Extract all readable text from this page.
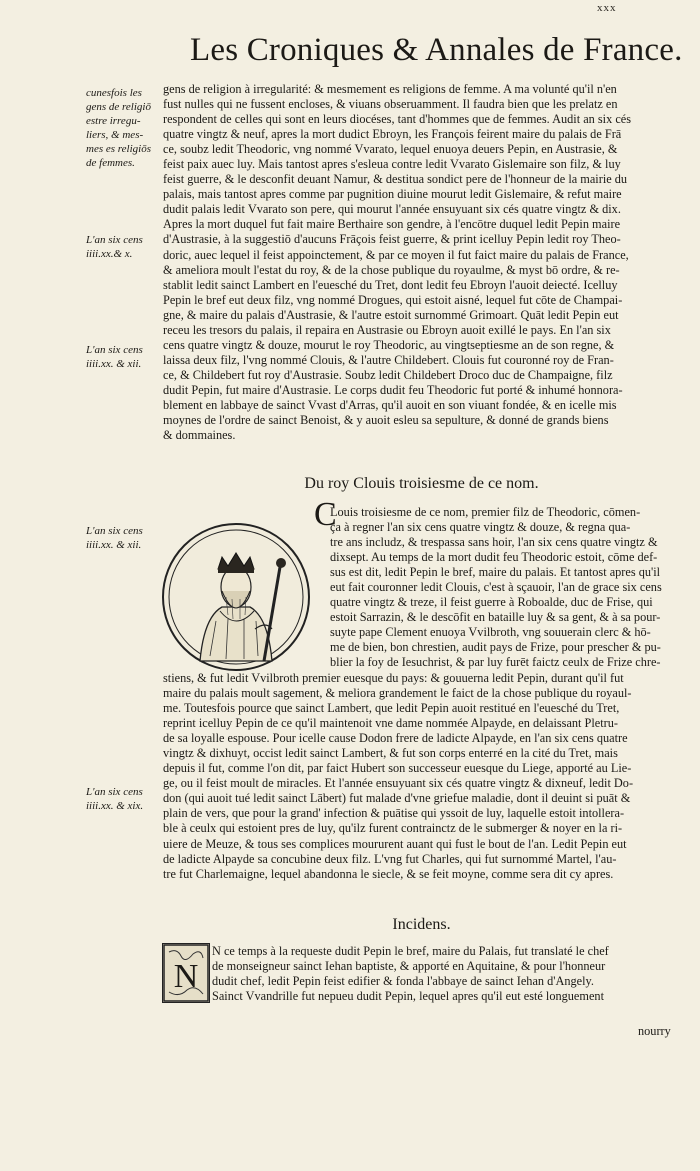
xxx
Les Croniques & Annales de France.
cunesfois les
gens de religiō
estre irregu-
liers, & mes-
mes es religiōs
de femmes.
L'an six cens
iiii.xx.& x.
L'an six cens
iiii.xx. & xii.
L'an six cens
iiii.xx. & xii.
L'an six cens
iiii.xx. & xix.
gens de religion à irregularité: & mesmement es religions de femme. A ma volunté qu'il n'en
fust nulles qui ne fussent encloses, & viuans obseruamment. Il faudra bien que les prelatz en
respondent de celles qui sont en leurs diocéses, tant d'hommes que de femmes. Audit an six cés
quatre vingtz & neuf, apres la mort dudict Ebroyn, les François feirent maire du palais de Frā
ce, soubz ledit Theodoric, vng nommé Vvarato, lequel enuoya deuers Pepin, en Austrasie, &
feist paix auec luy. Mais tantost apres s'esleua contre ledit Vvarato Gislemaire son filz, & luy
feist guerre, & le desconfit deuant Namur, & destitua sondict pere de l'honneur de la mairie du
palais, mais tantost apres comme par pugnition diuine mourut ledit Gislemaire, & refut maire
dudit palais ledit Vvarato son pere, qui mourut l'année ensuyuant six cés quatre vingtz & dix.
Apres la mort duquel fut fait maire Berthaire son gendre, à l'encōtre duquel ledit Pepin maire
d'Austrasie, à la suggestiō d'aucuns Frāçois feist guerre, & print icelluy Pepin ledit roy Theo-
doric, auec lequel il feist appoinctement, & par ce moyen il fut faict maire du palais de France,
& ameliora moult l'estat du roy, & de la chose publique du royaulme, & myst bō ordre, & re-
stablit ledit sainct Lambert en l'euesché du Tret, dont ledit feu Ebroyn l'auoit deiecté. Icelluy
Pepin le bref eut deux filz, vng nommé Drogues, qui estoit aisné, lequel fut cōte de Champai-
gne, & maire du palais d'Austrasie, & l'autre estoit surnommé Grimoart. Quāt ledit Pepin eut
receu les tresors du palais, il repaira en Austrasie ou Ebroyn auoit exillé le pays. En l'an six
cens quatre vingtz & douze, mourut le roy Theodoric, au vingtseptiesme an de son regne, &
laissa deux filz, l'vng nommé Clouis, & l'autre Childebert. Clouis fut couronné roy de Fran-
ce, & Childebert fut roy d'Austrasie. Soubz ledit Childebert Droco duc de Champaigne, filz
dudit Pepin, fut maire d'Austrasie. Le corps dudit feu Theodoric fut porté & inhumé honnora-
blement en labbaye de sainct Vvast d'Arras, qu'il auoit en son viuant fondée, & en icelle mis
moynes de l'ordre de sainct Benoist, & y auoit esleu sa sepulture, & donné de grands biens
& dommaines.
Du roy Clouis troisiesme de ce nom.
C
Louis troisiesme de ce nom, premier filz de Theodoric, cōmen-
ça à regner l'an six cens quatre vingtz & douze, & regna qua-
tre ans includz, & trespassa sans hoir, l'an six cens quatre vingtz &
dixsept. Au temps de la mort dudit feu Theodoric estoit, cōme def-
sus est dit, ledit Pepin le bref, maire du palais. Et tantost apres qu'il
eut fait couronner ledit Clouis, c'est à sçauoir, l'an de grace six cens
quatre vingtz & treze, il feist guerre à Roboalde, duc de Frise, qui
estoit Sarrazin, & le descōfit en bataille luy & sa gent, & à sa pour-
suyte pape Clement enuoya Vvilbroth, vng souuerain clerc & hō-
me de bien, bon chrestien, audit pays de Frize, pour prescher & pu-
blier la foy de Iesuchrist, & par luy furēt faictz ceulx de Frize chre-
stiens, & fut ledit Vvilbroth premier euesque du pays: & gouuerna ledit Pepin, durant qu'il fut
maire du palais moult sagement, & meliora grandement le faict de la chose publique du royaul-
me. Toutesfois pource que sainct Lambert, que ledit Pepin auoit restitué en l'euesché du Tret,
reprint icelluy Pepin de ce qu'il maintenoit vne dame nommée Alpayde, en delaissant Pletru-
de sa loyalle espouse. Pour icelle cause Dodon frere de ladicte Alpayde, en l'an six cens quatre
vingtz & dixhuyt, occist ledit sainct Lambert, & fut son corps enterré en la cité du Tret, mais
depuis il fut, comme l'on dit, par faict Hubert son successeur euesque du Liege, apporté au Lie-
ge, ou il feist moult de miracles. Et l'année ensuyuant six cés quatre vingtz & dixneuf, ledit Do-
don (qui auoit tué ledit sainct Lābert) fut malade d'vne griefue maladie, dont il deuint si puāt &
plain de vers, que pour la grand' infection & puātise qui yssoit de luy, laquelle estoit intollera-
ble à ceulx qui estoient pres de luy, qu'ilz furent contrainctz de le submerger & noyer en la ri-
uiere de Meuze, & tous ses complices moururent auant qui fust le bout de l'an. Ledit Pepin eut
de ladicte Alpayde sa concubine deux filz. L'vng fut Charles, qui fut surnommé Martel, l'au-
tre fut Charlemaigne, lequel abandonna le siecle, & se feit moyne, comme sera dit cy apres.
Incidens.
N
N ce temps à la requeste dudit Pepin le bref, maire du Palais, fut translaté le chef
de monseigneur sainct Iehan baptiste, & apporté en Aquitaine, & pour l'honneur
dudit chef, ledit Pepin feist edifier & fonda l'abbaye de sainct Iehan d'Angely.
Sainct Vvandrille fut nepueu dudit Pepin, lequel apres qu'il eut esté longuement
nourry
